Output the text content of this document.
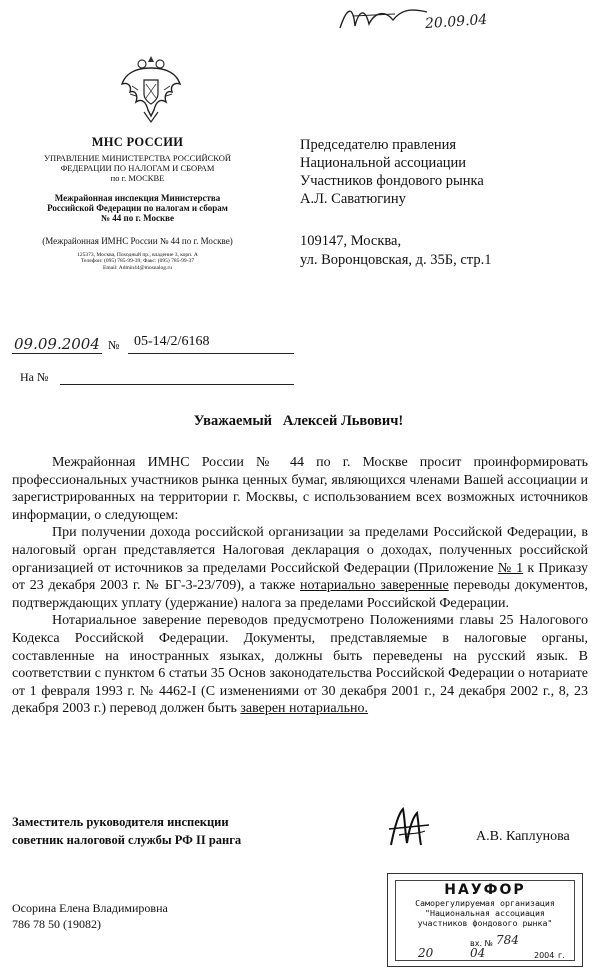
20.09.04
МНС РОССИИ
УПРАВЛЕНИЕ МИНИСТЕРСТВА РОССИЙСКОЙ
ФЕДЕРАЦИИ ПО НАЛОГАМ И СБОРАМ
по г. МОСКВЕ
Межрайонная инспекция Министерства
Российской Федерации по налогам и сборам
№ 44 по г. Москве
(Межрайонная ИМНС России № 44 по г. Москве)
125373, Москва, Походный пр., владение 3, корп. А
Телефон: (095) 785-99-39; Факс: (095) 785-99-37
Email: Admin44@mosnalog.ru
Председателю правления
Национальной ассоциации
Участников фондового рынка
А.Л. Саватюгину
109147, Москва,
ул. Воронцовская, д. 35Б, стр.1
09.09.2004 № 05-14/2/6168
На №
Уважаемый   Алексей Львович!

Межрайонная ИМНС России № 44 по г. Москве просит проинформировать профессиональных участников рынка ценных бумаг, являющихся членами Вашей ассоциации и зарегистрированных на территории г. Москвы, с использованием всех возможных источников информации, о следующем:

При получении дохода российской организации за пределами Российской Федерации, в налоговый орган представляется Налоговая декларация о доходах, полученных российской организацией от источников за пределами Российской Федерации (Приложение № 1 к Приказу от 23 декабря 2003 г. № БГ-3-23/709), а также нотариально заверенные переводы документов, подтверждающих уплату (удержание) налога за пределами Российской Федерации.

Нотариальное заверение переводов предусмотрено Положениями главы 25 Налогового Кодекса Российской Федерации. Документы, представляемые в налоговые органы, составленные на иностранных языках, должны быть переведены на русский язык. В соответствии с пунктом 6 статьи 35 Основ законодательства Российской Федерации о нотариате от 1 февраля 1993 г. № 4462-I (С изменениями от 30 декабря 2001 г., 24 декабря 2002 г., 8, 23 декабря 2003 г.) перевод должен быть заверен нотариально.

Заместитель руководителя инспекции
советник налоговой службы РФ II ранга	А.В. Каплунова
Осорина Елена Владимировна
786 78 50 (19082)
НАУФОР
Саморегулируемая организация
"Национальная ассоциация
участников фондового рынка"
784
вх. №
20	04	2004 г.
